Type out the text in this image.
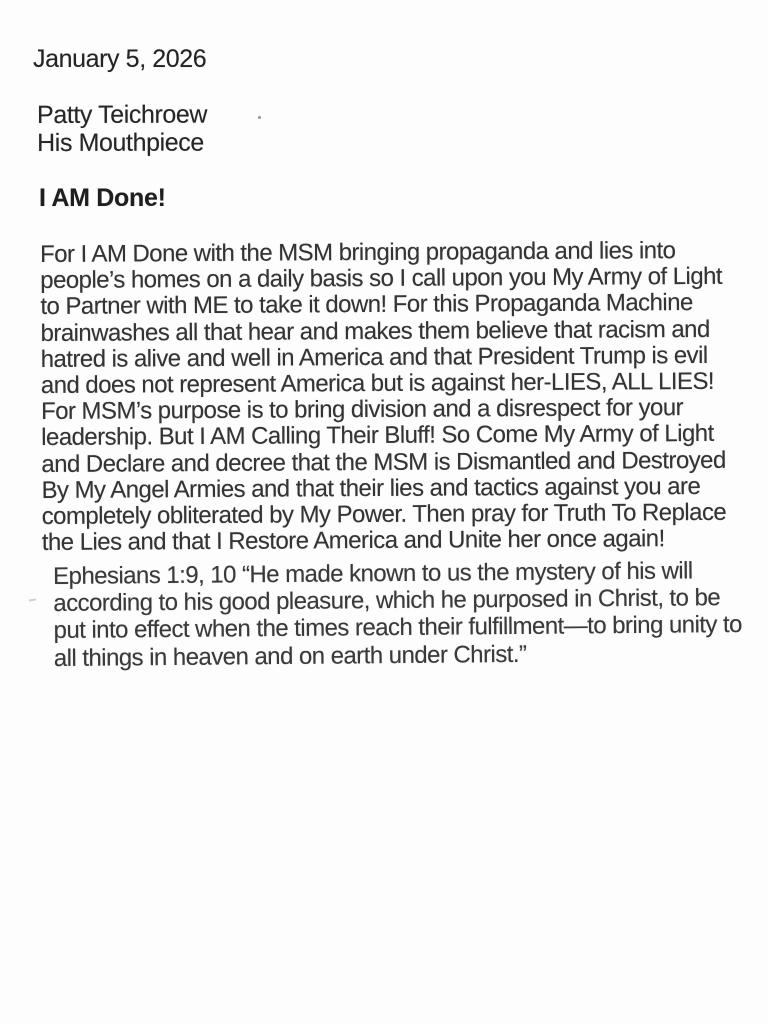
January 5, 2026
Patty Teichroew
His Mouthpiece
I AM Done!
For I AM Done with the MSM bringing propaganda and lies into
people’s homes on a daily basis so I call upon you My Army of Light
to Partner with ME to take it down! For this Propaganda Machine
brainwashes all that hear and makes them believe that racism and
hatred is alive and well in America and that President Trump is evil
and does not represent America but is against her-LIES, ALL LIES!
For MSM’s purpose is to bring division and a disrespect for your
leadership. But I AM Calling Their Bluff! So Come My Army of Light
and Declare and decree that the MSM is Dismantled and Destroyed
By My Angel Armies and that their lies and tactics against you are
completely obliterated by My Power. Then pray for Truth To Replace
the Lies and that I Restore America and Unite her once again!
Ephesians 1:9, 10 “He made known to us the mystery of his will
according to his good pleasure, which he purposed in Christ, to be
put into effect when the times reach their fulfillment—to bring unity to
all things in heaven and on earth under Christ.”
